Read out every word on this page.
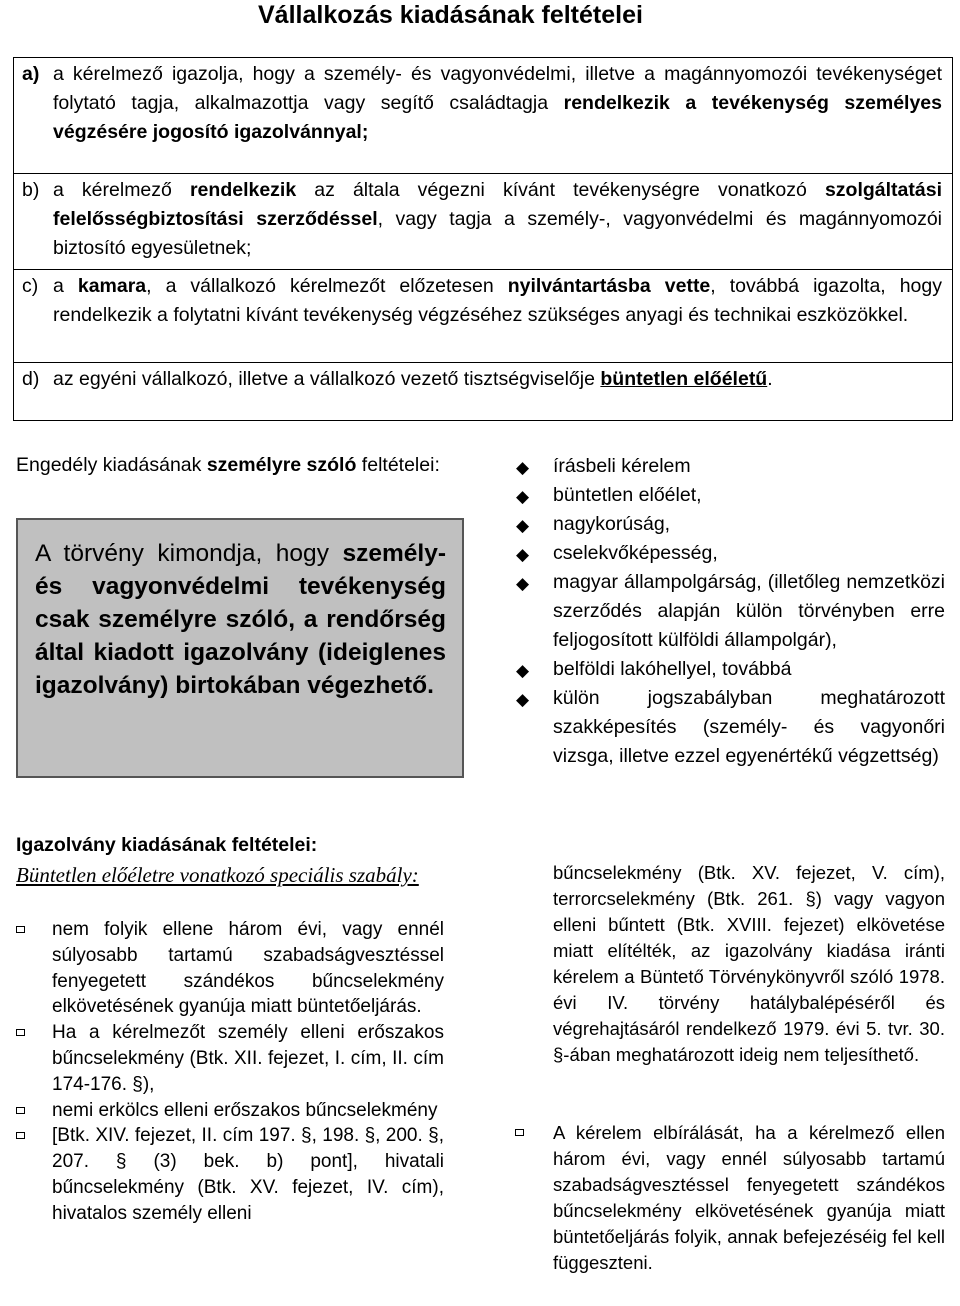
Vállalkozás kiadásának feltételei
a) a kérelmező igazolja, hogy a személy- és vagyonvédelmi, illetve a magánnyomozói tevékenységet folytató tagja, alkalmazottja vagy segítő családtagja rendelkezik a tevékenység személyes végzésére jogosító igazolvánnyal;
b) a kérelmező rendelkezik az általa végezni kívánt tevékenységre vonatkozó szolgáltatási felelősségbiztosítási szerződéssel, vagy tagja a személy-, vagyonvédelmi és magánnyomozói biztosító egyesületnek;
c) a kamara, a vállalkozó kérelmezőt előzetesen nyilvántartásba vette, továbbá igazolta, hogy rendelkezik a folytatni kívánt tevékenység végzéséhez szükséges anyagi és technikai eszközökkel.
d) az egyéni vállalkozó, illetve a vállalkozó vezető tisztségviselője büntetlen előéletű.
Engedély kiadásának személyre szóló feltételei:
A törvény kimondja, hogy személy- és vagyonvédelmi tevékenység csak személyre szóló, a rendőrség által kiadott igazolvány (ideiglenes igazolvány) birtokában végezhető.
Igazolvány kiadásának feltételei:
Büntetlen előéletre vonatkozó speciális szabály:
nem folyik ellene három évi, vagy ennél súlyosabb tartamú szabadságvesztéssel fenyegetett szándékos bűncselekmény elkövetésének gyanúja miatt büntetőeljárás.
Ha a kérelmezőt személy elleni erőszakos bűncselekmény (Btk. XII. fejezet, I. cím, II. cím 174-176. §),
nemi erkölcs elleni erőszakos bűncselekmény
[Btk. XIV. fejezet, II. cím 197. §, 198. §, 200. §, 207. § (3) bek. b) pont], hivatali bűncselekmény (Btk. XV. fejezet, IV. cím), hivatalos személy elleni
◆ írásbeli kérelem
◆ büntetlen előélet,
◆ nagykorúság,
◆ cselekvőképesség,
◆ magyar állampolgárság, (illetőleg nemzetközi szerződés alapján külön törvényben erre feljogosított külföldi állampolgár),
◆ belföldi lakóhellyel, továbbá
◆ külön jogszabályban meghatározott szakképesítés (személy- és vagyonőri vizsga, illetve ezzel egyenértékű végzettség)
bűncselekmény (Btk. XV. fejezet, V. cím), terrorcselekmény (Btk. 261. §) vagy vagyon elleni bűntett (Btk. XVIII. fejezet) elkövetése miatt elítélték, az igazolvány kiadása iránti kérelem a Büntető Törvénykönyvről szóló 1978. évi IV. törvény hatálybalépéséről és végrehajtásáról rendelkező 1979. évi 5. tvr. 30. §-ában meghatározott ideig nem teljesíthető.
A kérelem elbírálását, ha a kérelmező ellen három évi, vagy ennél súlyosabb tartamú szabadságvesztéssel fenyegetett szándékos bűncselekmény elkövetésének gyanúja miatt büntetőeljárás folyik, annak befejezéséig fel kell függeszteni.
